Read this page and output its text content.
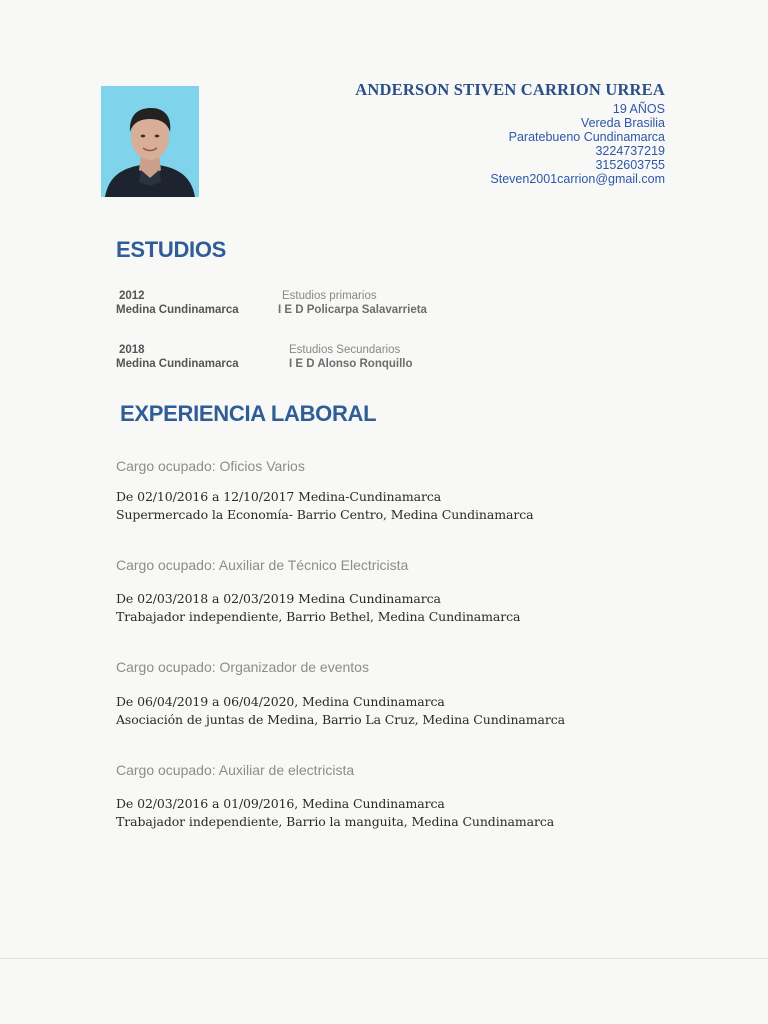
ANDERSON STIVEN CARRION URREA
19 AÑOS
Vereda Brasilia
Paratebueno Cundinamarca
3224737219
3152603755
Steven2001carrion@gmail.com
ESTUDIOS
2012
Medina Cundinamarca
Estudios primarios
I E D Policarpa Salavarrieta
2018
Medina Cundinamarca
Estudios Secundarios
I E D Alonso Ronquillo
EXPERIENCIA LABORAL
Cargo ocupado: Oficios Varios
De 02/10/2016 a 12/10/2017 Medina-Cundinamarca
Supermercado la Economía- Barrio Centro, Medina Cundinamarca
Cargo ocupado: Auxiliar de Técnico Electricista
De 02/03/2018 a 02/03/2019 Medina Cundinamarca
Trabajador independiente, Barrio Bethel, Medina Cundinamarca
Cargo ocupado: Organizador de eventos
De 06/04/2019 a 06/04/2020, Medina Cundinamarca
Asociación de juntas de Medina, Barrio La Cruz, Medina Cundinamarca
Cargo ocupado: Auxiliar de electricista
De 02/03/2016 a 01/09/2016, Medina Cundinamarca
Trabajador independiente, Barrio la manguita, Medina Cundinamarca
